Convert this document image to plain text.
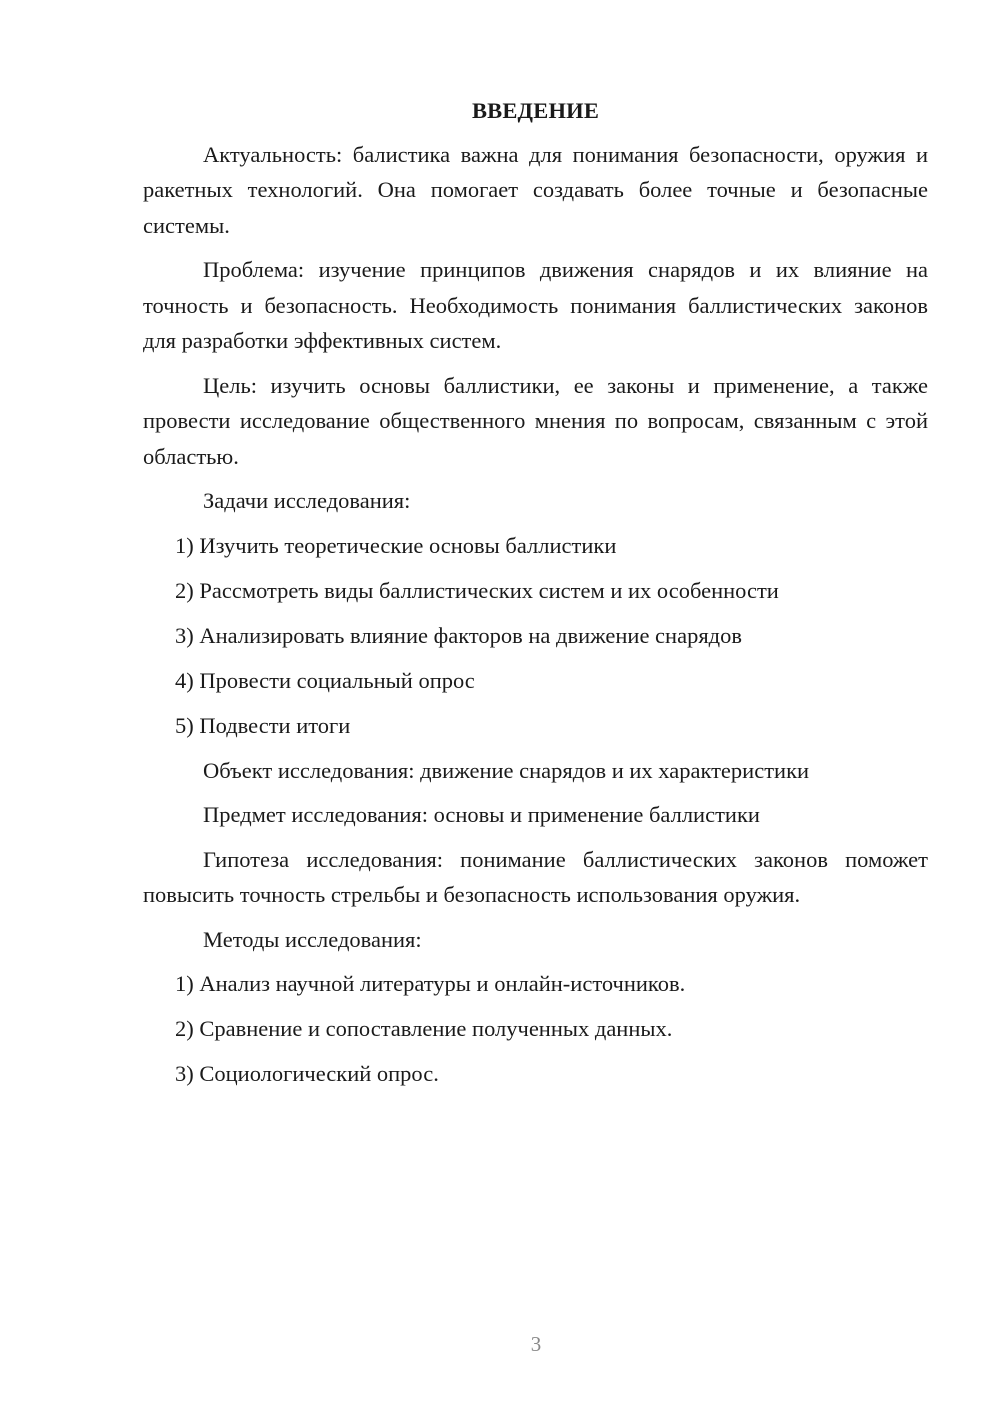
ВВЕДЕНИЕ
Актуальность: балистика важна для понимания безопасности, оружия и ракетных технологий. Она помогает создавать более точные и безопасные системы.
Проблема: изучение принципов движения снарядов и их влияние на точность и безопасность. Необходимость понимания баллистических законов для разработки эффективных систем.
Цель: изучить основы баллистики, ее законы и применение, а также провести исследование общественного мнения по вопросам, связанным с этой областью.
Задачи исследования:
1) Изучить теоретические основы баллистики
2) Рассмотреть виды баллистических систем и их особенности
3) Анализировать влияние факторов на движение снарядов
4) Провести социальный опрос
5) Подвести итоги
Объект исследования: движение снарядов и их характеристики
Предмет исследования: основы и применение баллистики
Гипотеза исследования: понимание баллистических законов поможет повысить точность стрельбы и безопасность использования оружия.
Методы исследования:
1) Анализ научной литературы и онлайн-источников.
2) Сравнение и сопоставление полученных данных.
3) Социологический опрос.
3
